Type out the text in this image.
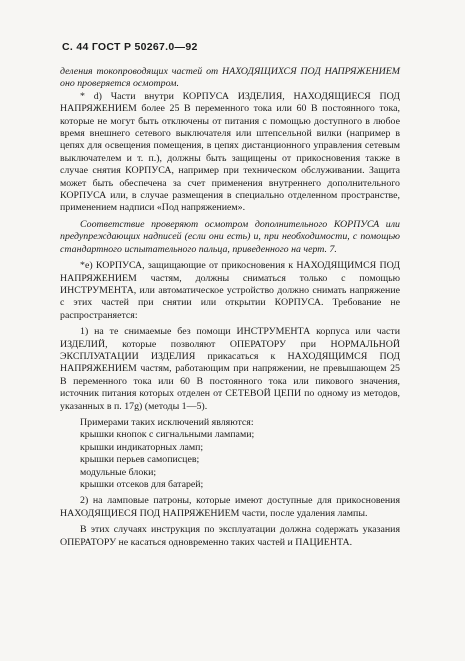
С. 44 ГОСТ Р 50267.0—92

деления токопроводящих частей от НАХОДЯЩИХСЯ ПОД НАПРЯЖЕНИЕМ оно проверяется осмотром.

* d) Части внутри КОРПУСА ИЗДЕЛИЯ, НАХОДЯЩИЕСЯ ПОД НАПРЯЖЕНИЕМ более 25 В переменного тока или 60 В постоянного тока, которые не могут быть отключены от питания с помощью доступного в любое время внешнего сетевого выключателя или штепсельной вилки (например в цепях для освещения помещения, в цепях дистанционного управления сетевым выключателем и т. п.), должны быть защищены от прикосновения также в случае снятия КОРПУСА, например при техническом обслуживании. Защита может быть обеспечена за счет применения внутреннего дополнительного КОРПУСА или, в случае размещения в специально отделенном пространстве, применением надписи «Под напряжением».

Соответствие проверяют осмотром дополнительного КОРПУСА или предупреждающих надписей (если они есть) и, при необходимости, с помощью стандартного испытательного пальца, приведенного на черт. 7.

*е) КОРПУСА, защищающие от прикосновения к НАХОДЯЩИМСЯ ПОД НАПРЯЖЕНИЕМ частям, должны сниматься только с помощью ИНСТРУМЕНТА, или автоматическое устройство должно снимать напряжение с этих частей при снятии или открытии КОРПУСА. Требование не распространяется:

1) на те снимаемые без помощи ИНСТРУМЕНТА корпуса или части ИЗДЕЛИЙ, которые позволяют ОПЕРАТОРУ при НОРМАЛЬНОЙ ЭКСПЛУАТАЦИИ ИЗДЕЛИЯ прикасаться к НАХОДЯЩИМСЯ ПОД НАПРЯЖЕНИЕМ частям, работающим при напряжении, не превышающем 25 В переменного тока или 60 В постоянного тока или пикового значения, источник питания которых отделен от СЕТЕВОЙ ЦЕПИ по одному из методов, указанных в п. 17g) (методы 1—5).

Примерами таких исключений являются:

крышки кнопок с сигнальными лампами;
крышки индикаторных ламп;
крышки перьев самописцев;
модульные блоки;
крышки отсеков для батарей;

2) на ламповые патроны, которые имеют доступные для прикосновения НАХОДЯЩИЕСЯ ПОД НАПРЯЖЕНИЕМ части, после удаления лампы.

В этих случаях инструкция по эксплуатации должна содержать указания ОПЕРАТОРУ не касаться одновременно таких частей и ПАЦИЕНТА.
